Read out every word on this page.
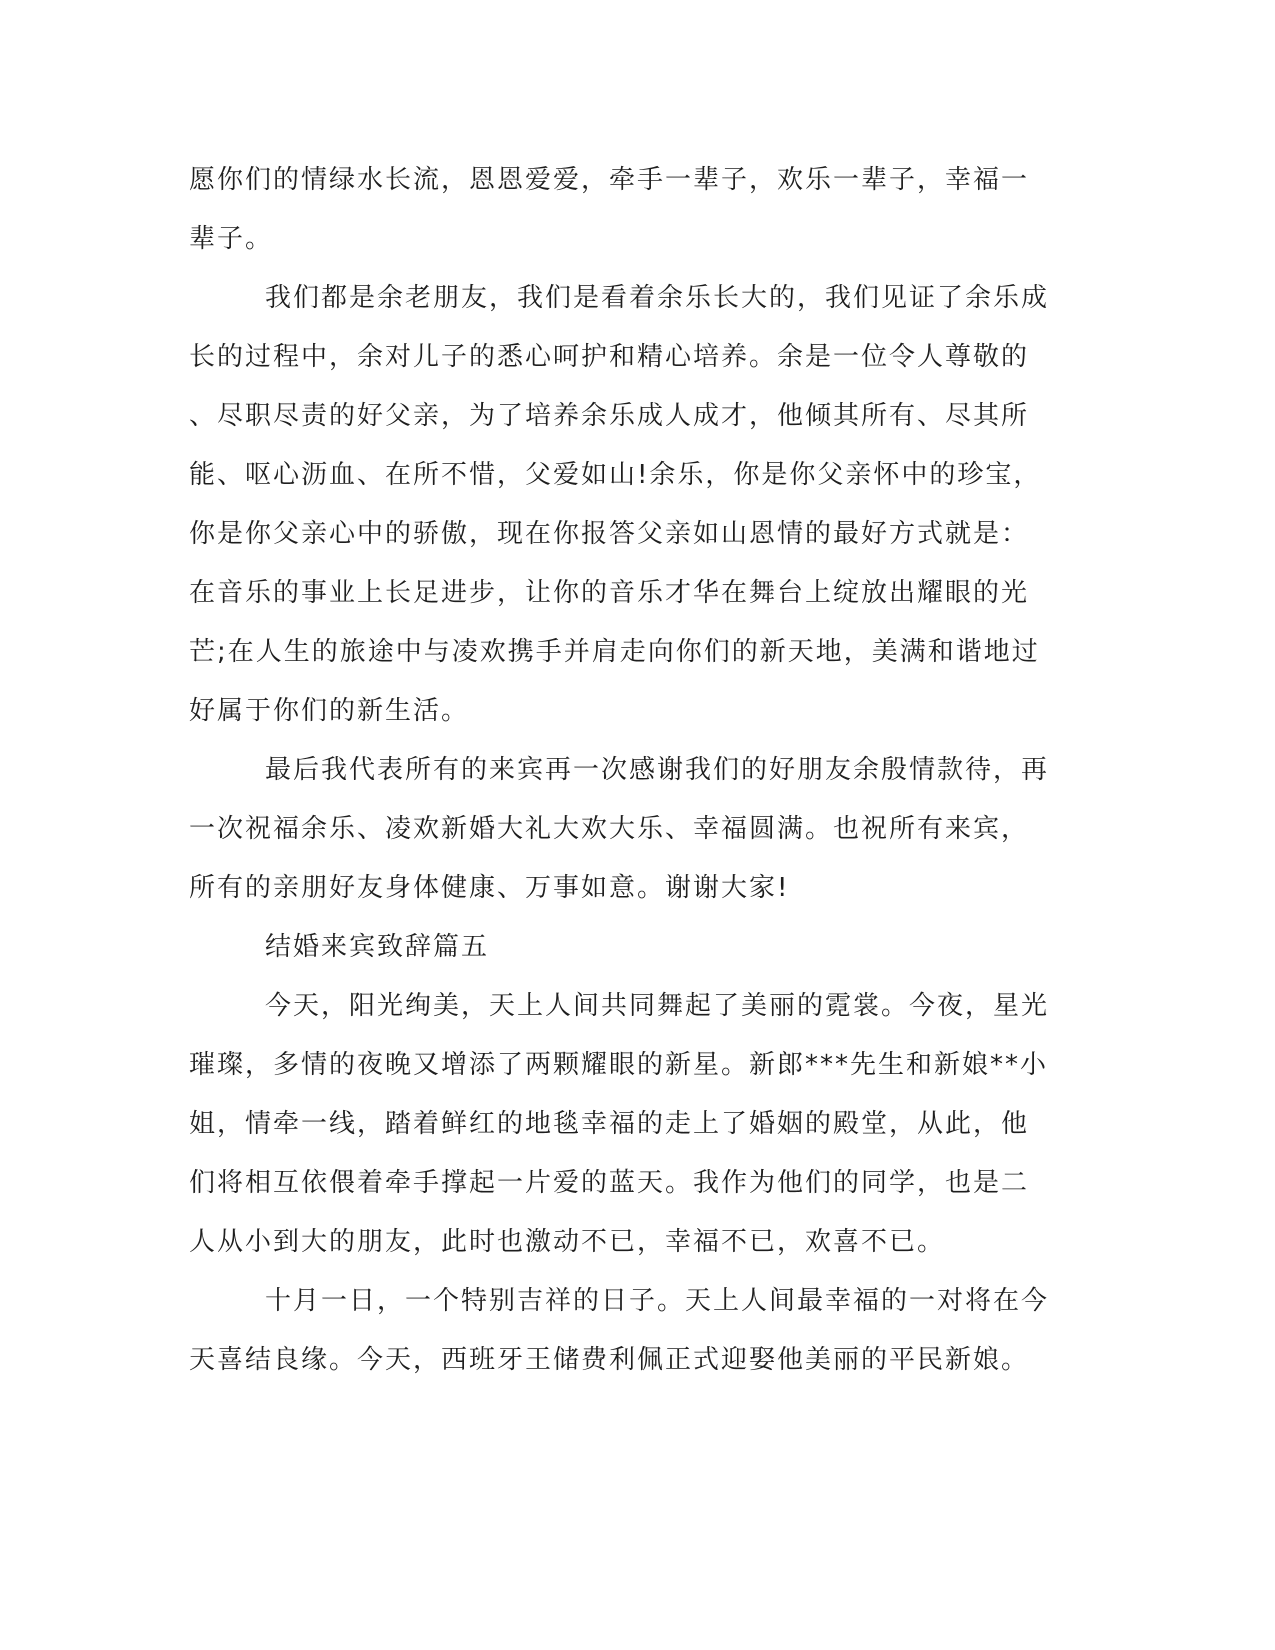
愿你们的情绿水长流，恩恩爱爱，牵手一辈子，欢乐一辈子，幸福一
辈子。
我们都是余老朋友，我们是看着余乐长大的，我们见证了余乐成
长的过程中，余对儿子的悉心呵护和精心培养。余是一位令人尊敬的
、尽职尽责的好父亲，为了培养余乐成人成才，他倾其所有、尽其所
能、呕心沥血、在所不惜，父爱如山!余乐，你是你父亲怀中的珍宝，
你是你父亲心中的骄傲，现在你报答父亲如山恩情的最好方式就是：
在音乐的事业上长足进步，让你的音乐才华在舞台上绽放出耀眼的光
芒;在人生的旅途中与凌欢携手并肩走向你们的新天地，美满和谐地过
好属于你们的新生活。
最后我代表所有的来宾再一次感谢我们的好朋友余殷情款待，再
一次祝福余乐、凌欢新婚大礼大欢大乐、幸福圆满。也祝所有来宾，
所有的亲朋好友身体健康、万事如意。谢谢大家!
结婚来宾致辞篇五
今天，阳光绚美，天上人间共同舞起了美丽的霓裳。今夜，星光
璀璨，多情的夜晚又增添了两颗耀眼的新星。新郎***先生和新娘**小
姐，情牵一线，踏着鲜红的地毯幸福的走上了婚姻的殿堂，从此，他
们将相互依偎着牵手撑起一片爱的蓝天。我作为他们的同学，也是二
人从小到大的朋友，此时也激动不已，幸福不已，欢喜不已。
十月一日，一个特别吉祥的日子。天上人间最幸福的一对将在今
天喜结良缘。今天，西班牙王储费利佩正式迎娶他美丽的平民新娘。
